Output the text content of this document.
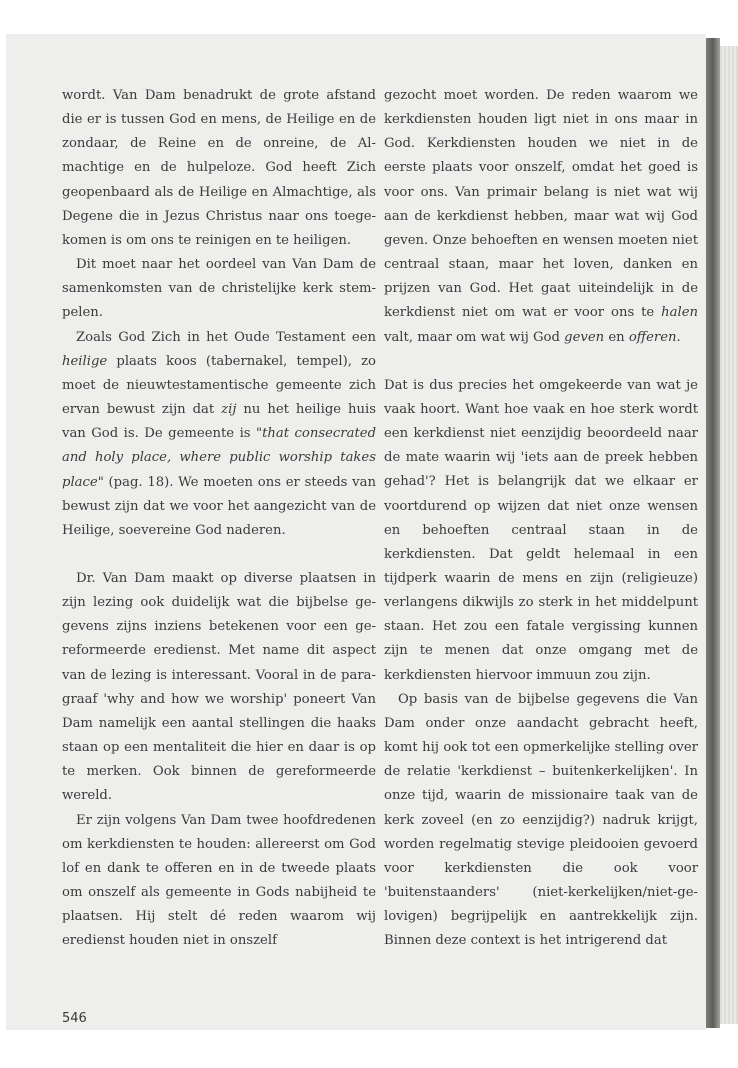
wordt. Van Dam benadrukt de grote afstand die er is tussen God en mens, de Heilige en de zondaar, de Reine en de onreine, de Almachtige en de hulpeloze. God heeft Zich geopenbaard als de Heilige en Almachtige, als Degene die in Jezus Christus naar ons toegekomen is om ons te reinigen en te heiligen.

Dit moet naar het oordeel van Van Dam de samenkomsten van de christelijke kerk stempelen.

Zoals God Zich in het Oude Testament een heilige plaats koos (tabernakel, tempel), zo moet de nieuwtestamentische gemeente zich ervan bewust zijn dat zij nu het heilige huis van God is. De gemeente is "that consecrated and holy place, where public worship takes place" (pag. 18). We moeten ons er steeds van bewust zijn dat we voor het aangezicht van de Heilige, soevereine God naderen.

Dr. Van Dam maakt op diverse plaatsen in zijn lezing ook duidelijk wat die bijbelse gegevens zijns inziens betekenen voor een gereformeerde eredienst. Met name dit aspect van de lezing is interessant. Vooral in de paragraaf 'why and how we worship' poneert Van Dam namelijk een aantal stellingen die haaks staan op een mentaliteit die hier en daar is op te merken. Ook binnen de gereformeerde wereld.

Er zijn volgens Van Dam twee hoofdredenen om kerkdiensten te houden: allereerst om God lof en dank te offeren en in de tweede plaats om onszelf als gemeente in Gods nabijheid te plaatsen. Hij stelt dé reden waarom wij eredienst houden niet in onszelf

gezocht moet worden. De reden waarom we kerkdiensten houden ligt niet in ons maar in God. Kerkdiensten houden we niet in de eerste plaats voor onszelf, omdat het goed is voor ons. Van primair belang is niet wat wij aan de kerkdienst hebben, maar wat wij God geven. Onze behoeften en wensen moeten niet centraal staan, maar het loven, danken en prijzen van God. Het gaat uiteindelijk in de kerkdienst niet om wat er voor ons te halen valt, maar om wat wij God geven en offeren.

Dat is dus precies het omgekeerde van wat je vaak hoort. Want hoe vaak en hoe sterk wordt een kerkdienst niet eenzijdig beoordeeld naar de mate waarin wij 'iets aan de preek hebben gehad'? Het is belangrijk dat we elkaar er voortdurend op wijzen dat niet onze wensen en behoeften centraal staan in de kerkdiensten. Dat geldt helemaal in een tijdperk waarin de mens en zijn (religieuze) verlangens dikwijls zo sterk in het middelpunt staan. Het zou een fatale vergissing kunnen zijn te menen dat onze omgang met de kerkdiensten hiervoor immuun zou zijn.

Op basis van de bijbelse gegevens die Van Dam onder onze aandacht gebracht heeft, komt hij ook tot een opmerkelijke stelling over de relatie 'kerkdienst – buitenkerkelijken'. In onze tijd, waarin de missionaire taak van de kerk zoveel (en zo eenzijdig?) nadruk krijgt, worden regelmatig stevige pleidooien gevoerd voor kerkdiensten die ook voor 'buitenstaanders' (niet-kerkelijken/niet-gelovigen) begrijpelijk en aantrekkelijk zijn. Binnen deze context is het intrigerend dat

546
